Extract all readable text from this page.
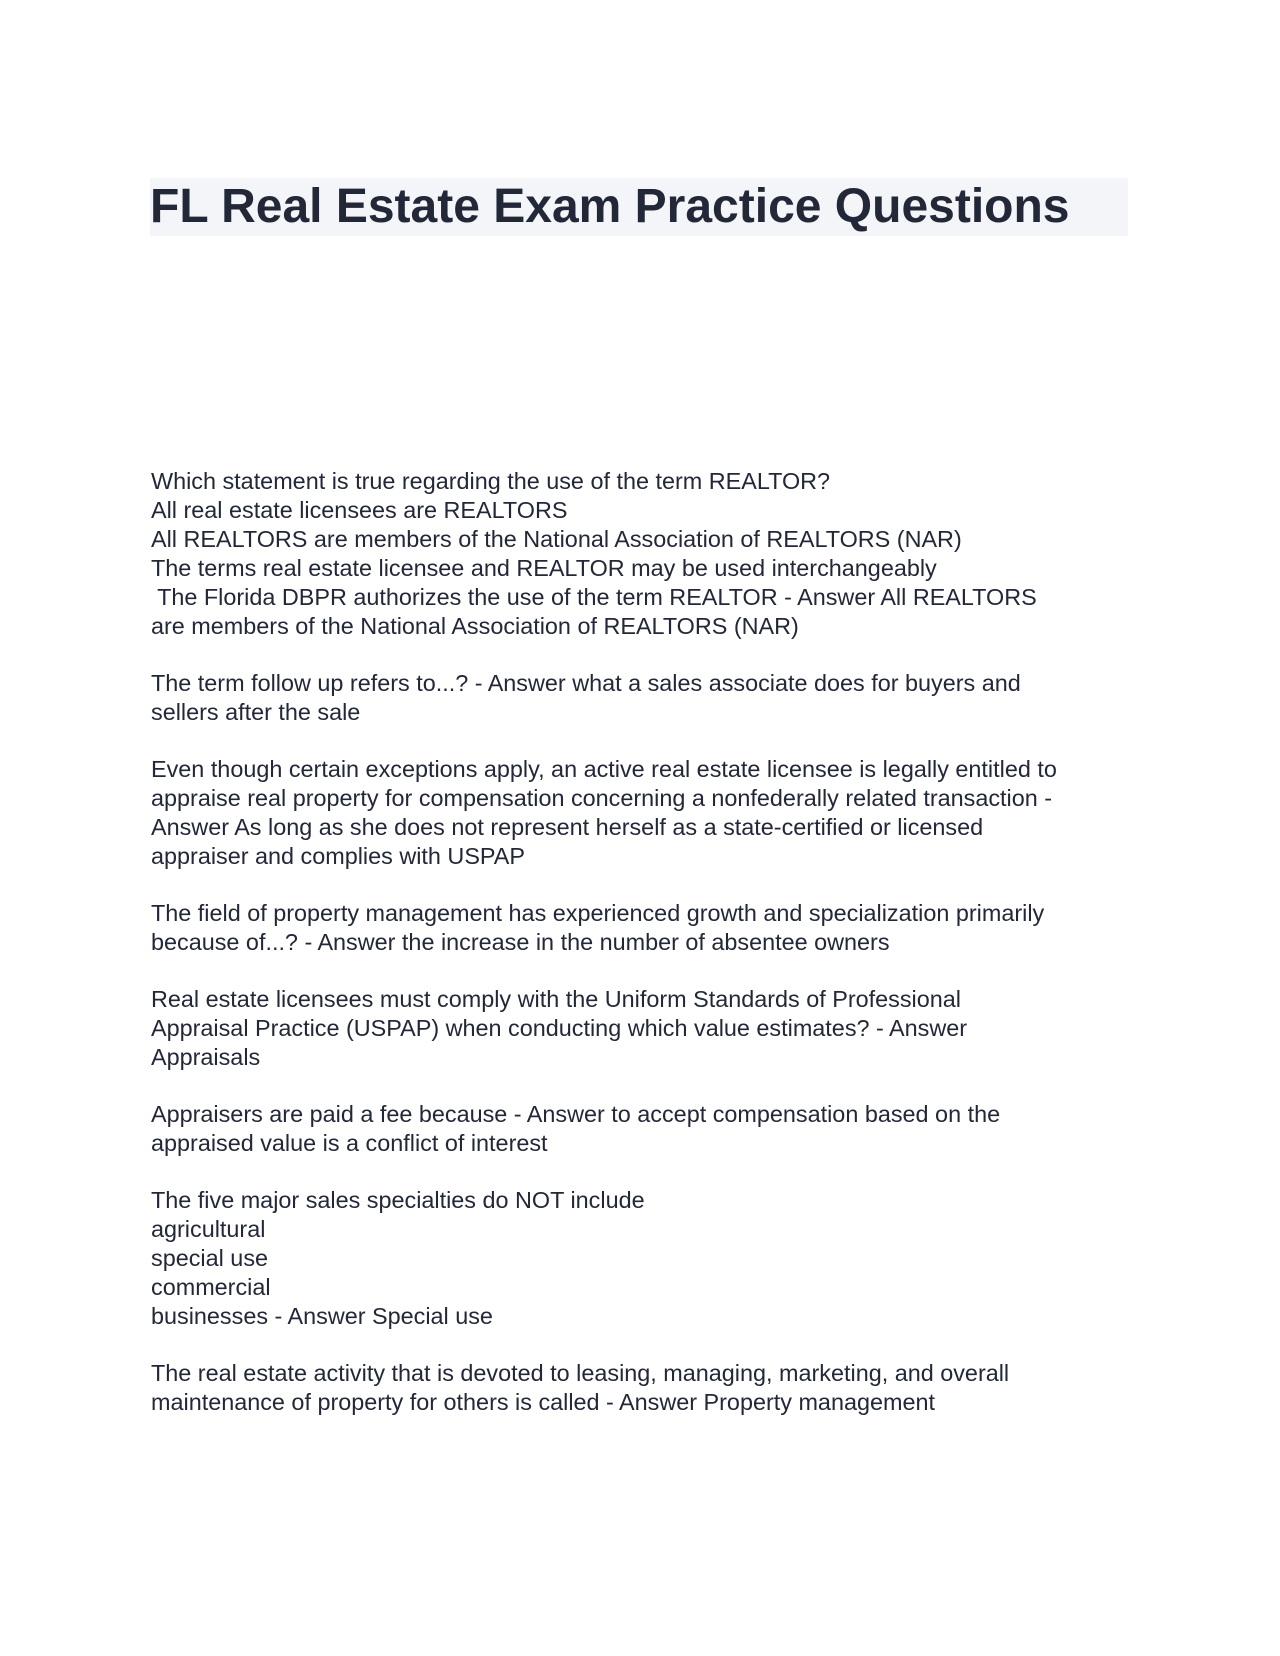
FL Real Estate Exam Practice Questions

Which statement is true regarding the use of the term REALTOR?
All real estate licensees are REALTORS
All REALTORS are members of the National Association of REALTORS (NAR)
The terms real estate licensee and REALTOR may be used interchangeably
The Florida DBPR authorizes the use of the term REALTOR - Answer All REALTORS
are members of the National Association of REALTORS (NAR)

The term follow up refers to...? - Answer what a sales associate does for buyers and
sellers after the sale

Even though certain exceptions apply, an active real estate licensee is legally entitled to
appraise real property for compensation concerning a nonfederally related transaction -
Answer As long as she does not represent herself as a state-certified or licensed
appraiser and complies with USPAP

The field of property management has experienced growth and specialization primarily
because of...? - Answer the increase in the number of absentee owners

Real estate licensees must comply with the Uniform Standards of Professional
Appraisal Practice (USPAP) when conducting which value estimates? - Answer
Appraisals

Appraisers are paid a fee because - Answer to accept compensation based on the
appraised value is a conflict of interest

The five major sales specialties do NOT include
agricultural
special use
commercial
businesses - Answer Special use

The real estate activity that is devoted to leasing, managing, marketing, and overall
maintenance of property for others is called - Answer Property management
